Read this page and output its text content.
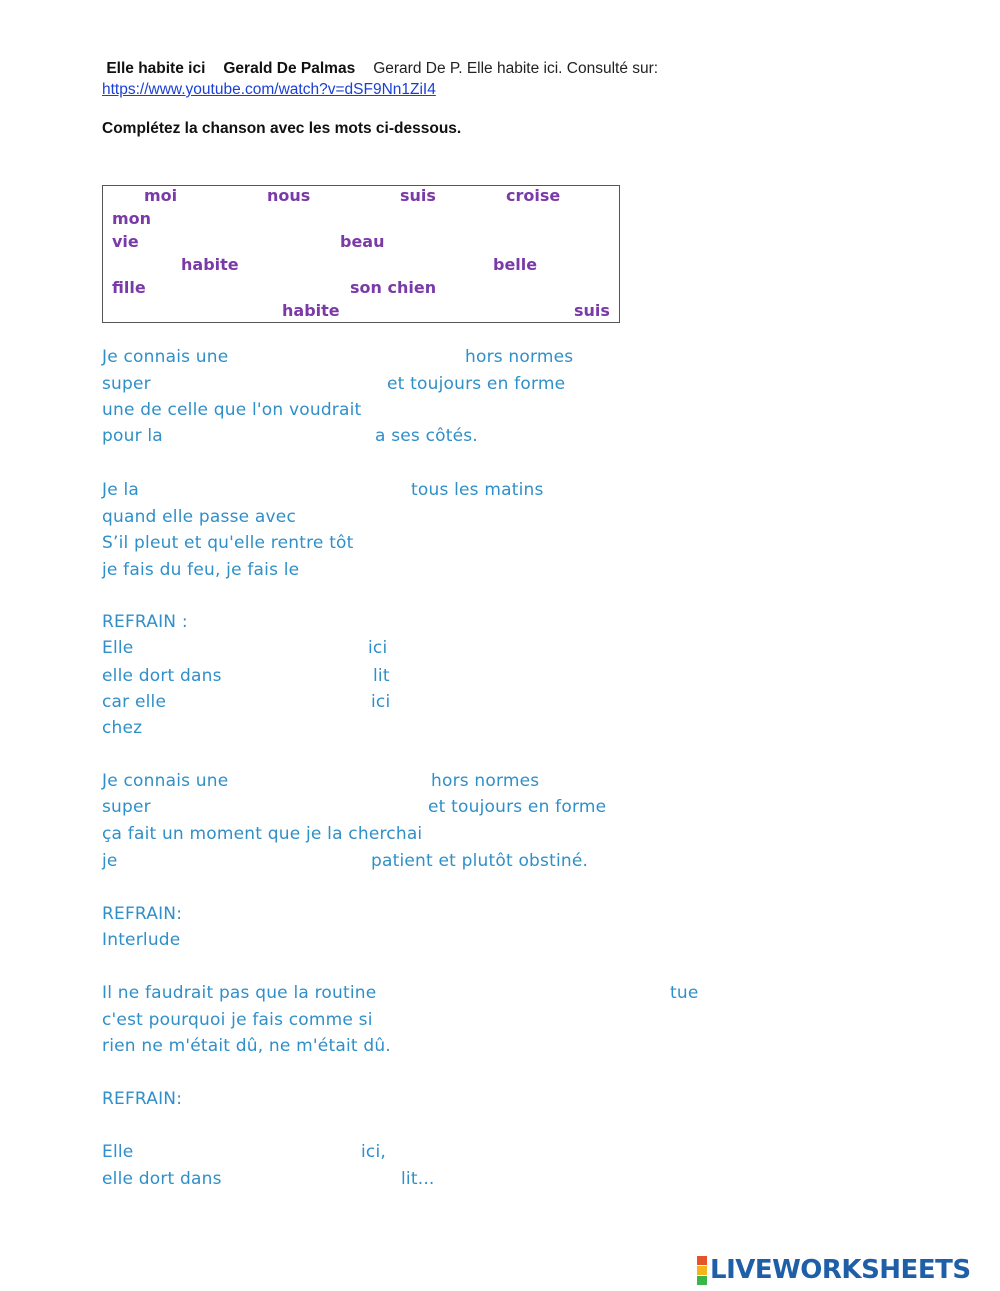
Elle habite ici Gerald De Palmas Gerard De P. Elle habite ici. Consulté sur:
https://www.youtube.com/watch?v=dSF9Nn1ZiI4
Complétez la chanson avec les mots ci-dessous.
moi	nous	suis	croise
mon
vie	beau
habite	belle
fille	son chien
habite	suis
Je connais une	hors normes
super	et toujours en forme
une de celle que l'on voudrait
pour la	a ses côtés.
Je la	tous les matins
quand elle passe avec
S’il pleut et qu'elle rentre tôt
je fais du feu, je fais le
REFRAIN :
Elle	ici
elle dort dans	lit
car elle	ici
chez
Je connais une	hors normes
super	et toujours en forme
ça fait un moment que je la cherchai
je	patient et plutôt obstiné.
REFRAIN:
Interlude
Il ne faudrait pas que la routine	tue
c'est pourquoi je fais comme si
rien ne m'était dû, ne m'était dû.
REFRAIN:
Elle	ici,
elle dort dans	lit...
LIVEWORKSHEETS
